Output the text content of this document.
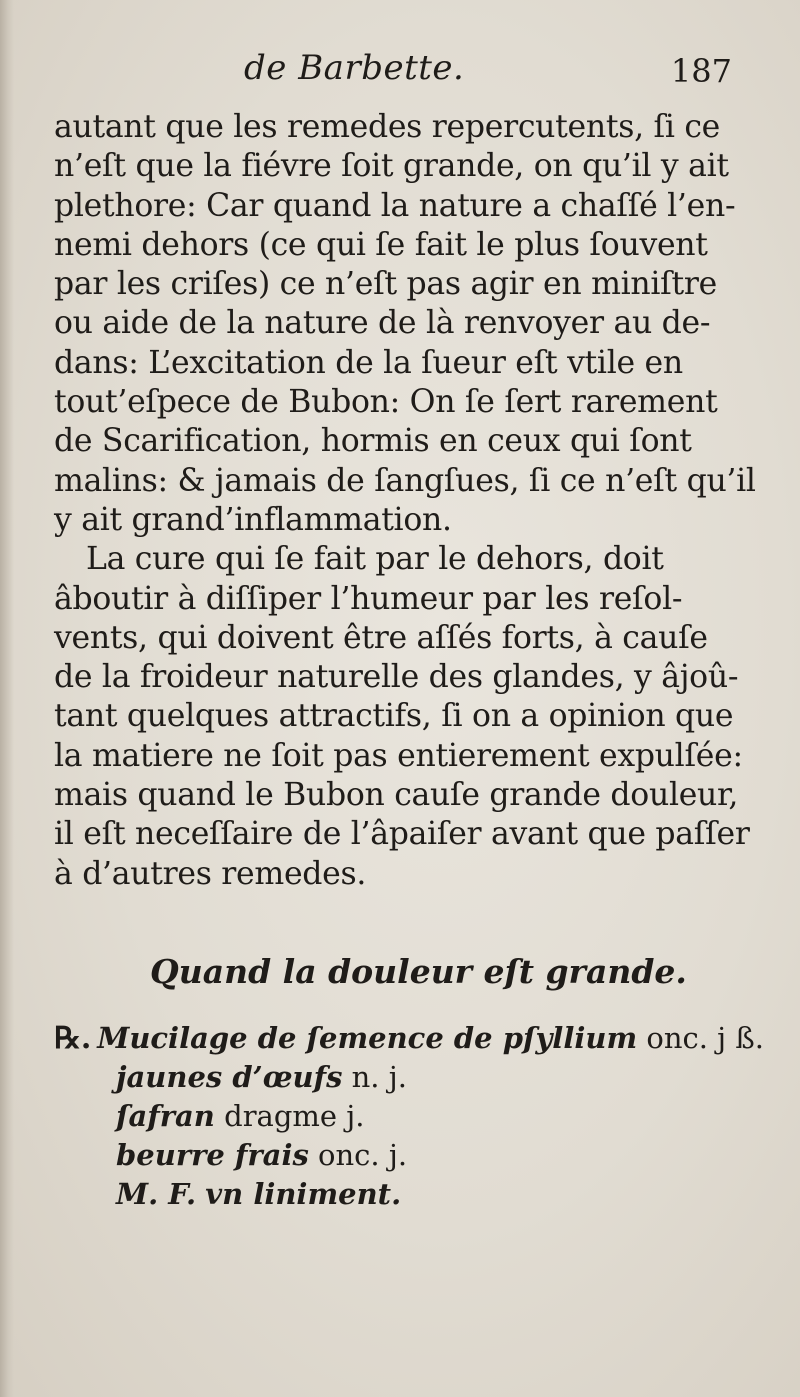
de Barbette.	187
autant que les remedes repercutents, ſi ce
n’eſt que la fiévre ſoit grande, on qu’il y ait
plethore: Car quand la nature a chaſſé l’en-
nemi dehors (ce qui ſe fait le plus ſouvent
par les criſes) ce n’eſt pas agir en miniſtre
ou aide de la nature de là renvoyer au de-
dans: L’excitation de la ſueur eſt vtile en
tout’eſpece de Bubon: On ſe ſert rarement
de Scarification, hormis en ceux qui ſont
malins: & jamais de ſangſues, ſi ce n’eſt qu’il
y ait grand’inflammation.
La cure qui ſe fait par le dehors, doit
âboutir à diſſiper l’humeur par les reſol-
vents, qui doivent être aſſés forts, à cauſe
de la froideur naturelle des glandes, y âjoû-
tant quelques attractifs, ſi on a opinion que
la matiere ne ſoit pas entierement expulſée:
mais quand le Bubon cauſe grande douleur,
il eſt neceſſaire de l’âpaiſer avant que paſſer
à d’autres remedes.
Quand la douleur eſt grande.
℞. Mucilage de ſemence de pſyllium onc. j ß.
jaunes d’œufs n. j.
ſafran dragme j.
beurre frais onc. j.
M. F. vn liniment.
